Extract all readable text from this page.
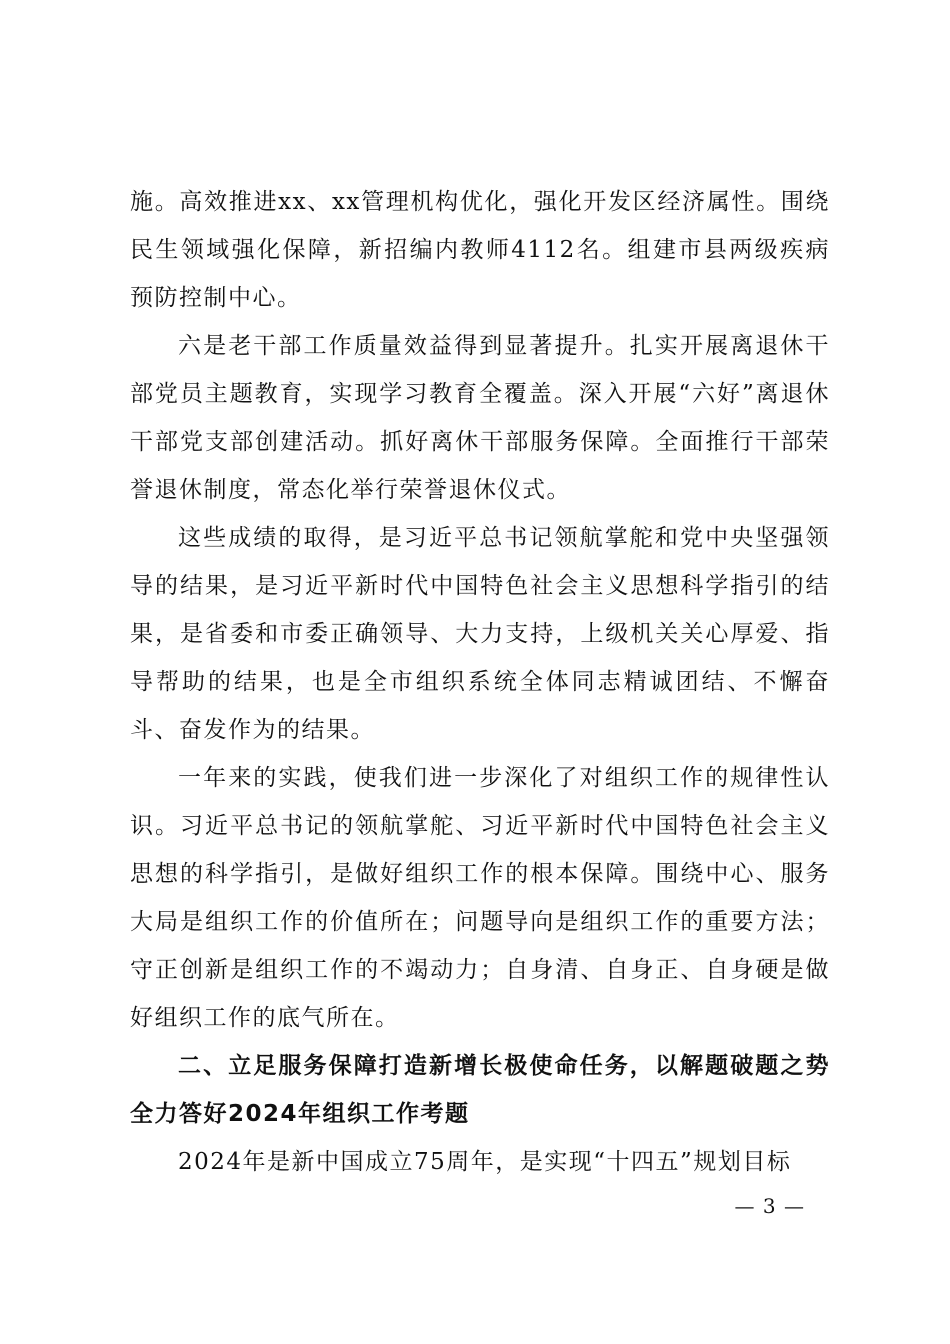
施。高效推进xx、xx管理机构优化，强化开发区经济属性。围绕民生领域强化保障，新招编内教师4112名。组建市县两级疾病预防控制中心。

六是老干部工作质量效益得到显著提升。扎实开展离退休干部党员主题教育，实现学习教育全覆盖。深入开展“六好”离退休干部党支部创建活动。抓好离休干部服务保障。全面推行干部荣誉退休制度，常态化举行荣誉退休仪式。

这些成绩的取得，是习近平总书记领航掌舵和党中央坚强领导的结果，是习近平新时代中国特色社会主义思想科学指引的结果，是省委和市委正确领导、大力支持，上级机关关心厚爱、指导帮助的结果，也是全市组织系统全体同志精诚团结、不懈奋斗、奋发作为的结果。

一年来的实践，使我们进一步深化了对组织工作的规律性认识。习近平总书记的领航掌舵、习近平新时代中国特色社会主义思想的科学指引，是做好组织工作的根本保障。围绕中心、服务大局是组织工作的价值所在；问题导向是组织工作的重要方法；守正创新是组织工作的不竭动力；自身清、自身正、自身硬是做好组织工作的底气所在。

二、立足服务保障打造新增长极使命任务，以解题破题之势全力答好2024年组织工作考题

2024年是新中国成立75周年，是实现“十四五”规划目标

— 3 —
